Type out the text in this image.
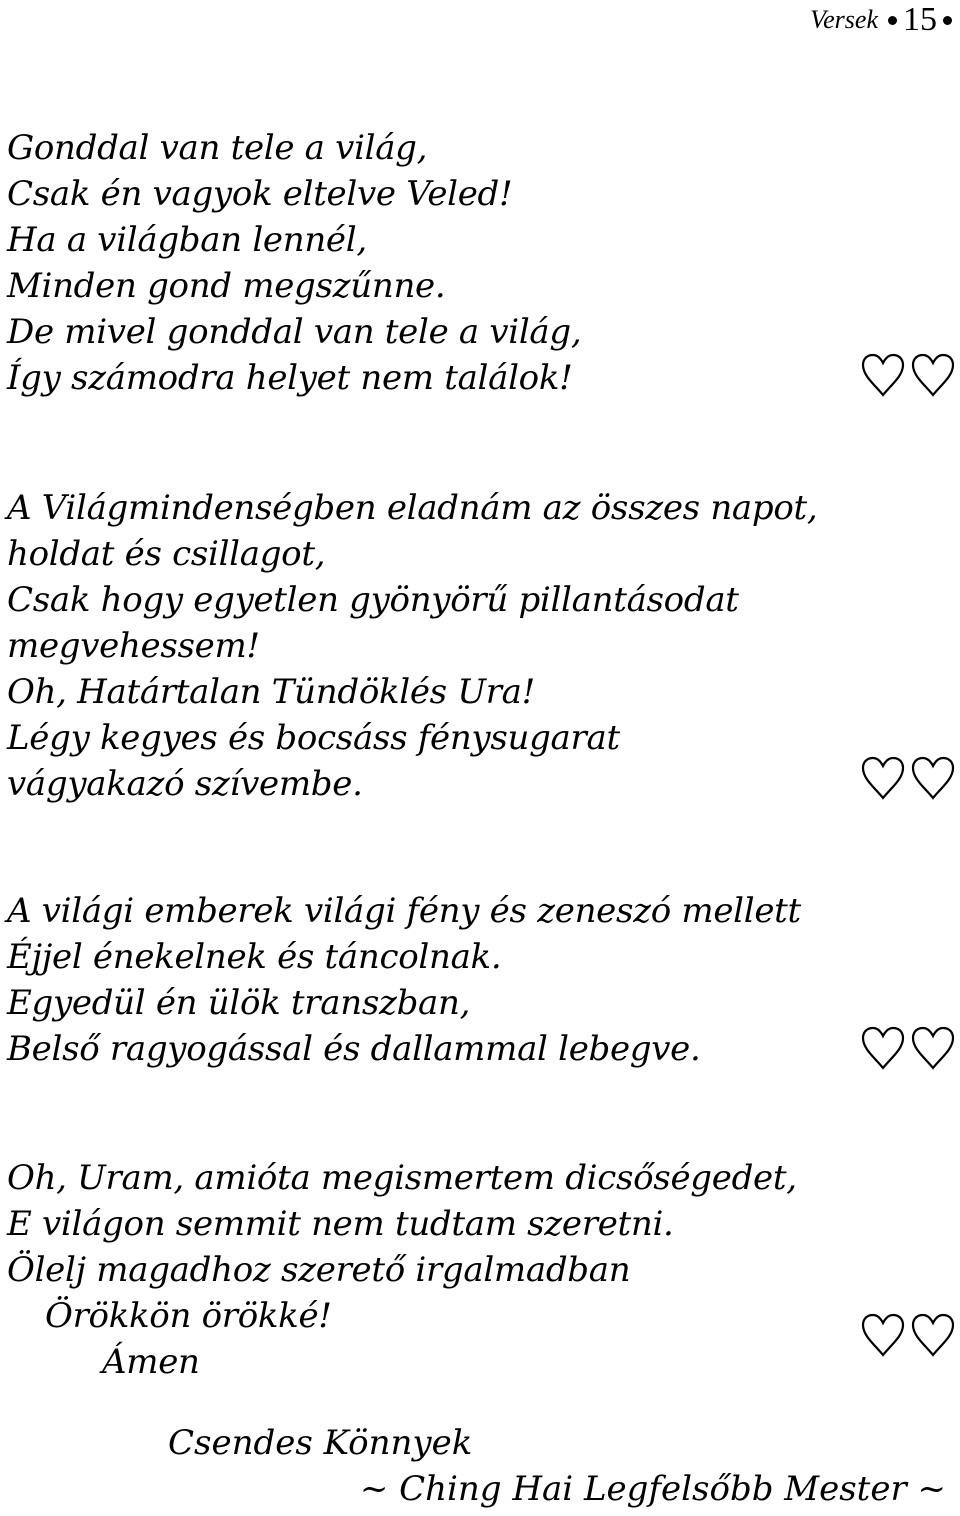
Versek 15
Gonddal van tele a világ,
Csak én vagyok eltelve Veled!
Ha a világban lennél,
Minden gond megszűnne.
De mivel gonddal van tele a világ,
Így számodra helyet nem találok!
A Világmindenségben eladnám az összes napot,
holdat és csillagot,
Csak hogy egyetlen gyönyörű pillantásodat
megvehessem!
Oh, Határtalan Tündöklés Ura!
Légy kegyes és bocsáss fénysugarat
vágyakazó szívembe.
A világi emberek világi fény és zeneszó mellett
Éjjel énekelnek és táncolnak.
Egyedül én ülök transzban,
Belső ragyogással és dallammal lebegve.
Oh, Uram, amióta megismertem dicsőségedet,
E világon semmit nem tudtam szeretni.
Ölelj magadhoz szerető irgalmadban
Örökkön örökké!
Ámen
Csendes Könnyek
~ Ching Hai Legfelsőbb Mester ~
